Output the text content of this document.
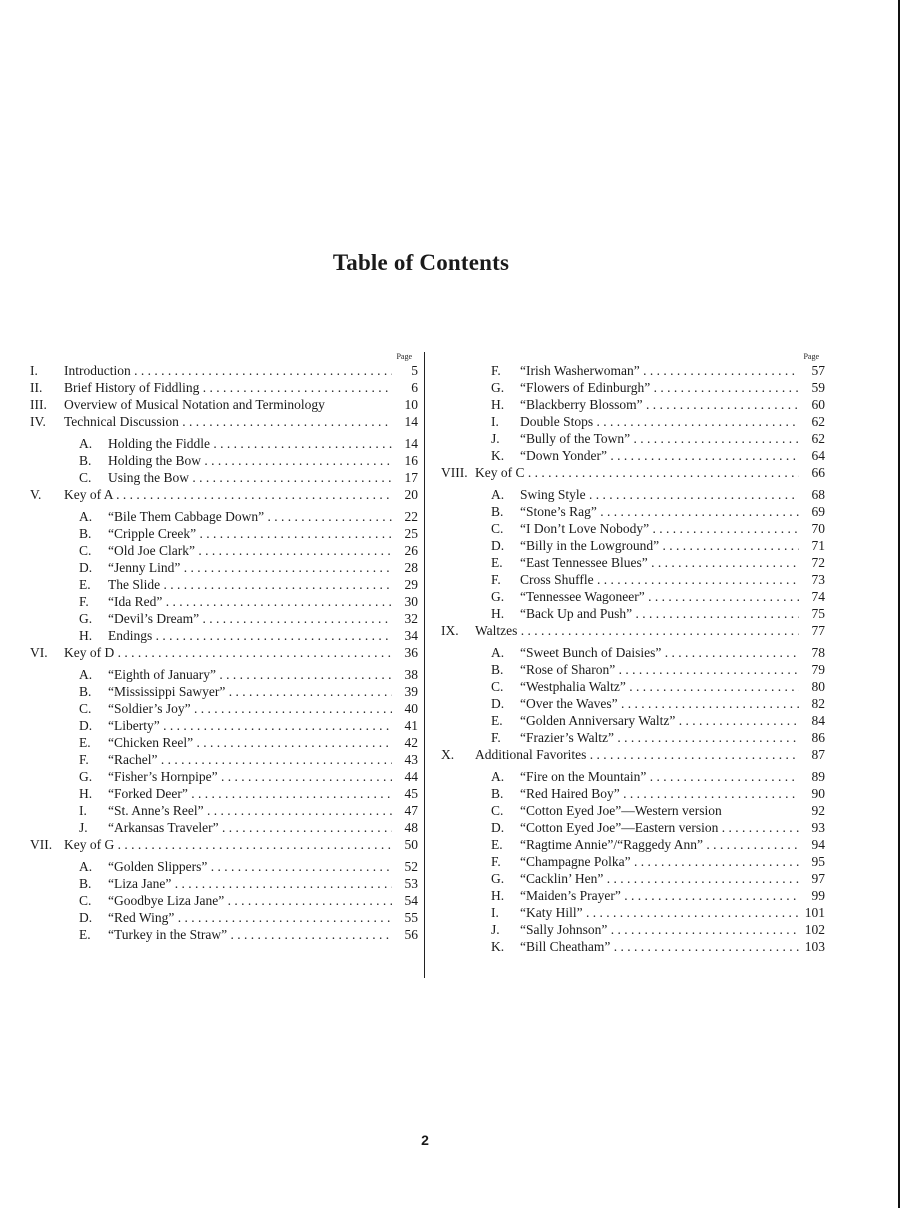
Table of Contents
Page
I. Introduction . . .	5
II. Brief History of Fiddling . . .	6
III. Overview of Musical Notation and Terminology	10
IV. Technical Discussion . . .	14
A. Holding the Fiddle . . .	14
B. Holding the Bow . . .	16
C. Using the Bow . . .	17
V. Key of A . . .	20
A. “Bile Them Cabbage Down” . . .	22
B. “Cripple Creek” . . .	25
C. “Old Joe Clark” . . .	26
D. “Jenny Lind” . . .	28
E. The Slide . . .	29
F. “Ida Red” . . .	30
G. “Devil’s Dream” . . .	32
H. Endings . . .	34
VI. Key of D . . .	36
A. “Eighth of January” . . .	38
B. “Mississippi Sawyer” . . .	39
C. “Soldier’s Joy” . . .	40
D. “Liberty” . . .	41
E. “Chicken Reel” . . .	42
F. “Rachel” . . .	43
G. “Fisher’s Hornpipe” . . .	44
H. “Forked Deer” . . .	45
I. “St. Anne’s Reel” . . .	47
J. “Arkansas Traveler” . . .	48
VII. Key of G . . .	50
A. “Golden Slippers” . . .	52
B. “Liza Jane” . . .	53
C. “Goodbye Liza Jane” . . .	54
D. “Red Wing” . . .	55
E. “Turkey in the Straw” . . .	56
Page
F. “Irish Washerwoman” . . .	57
G. “Flowers of Edinburgh” . . .	59
H. “Blackberry Blossom” . . .	60
I. Double Stops . . .	62
J. “Bully of the Town” . . .	62
K. “Down Yonder” . . .	64
VIII. Key of C . . .	66
A. Swing Style . . .	68
B. “Stone’s Rag” . . .	69
C. “I Don’t Love Nobody” . . .	70
D. “Billy in the Lowground” . . .	71
E. “East Tennessee Blues” . . .	72
F. Cross Shuffle . . .	73
G. “Tennessee Wagoneer” . . .	74
H. “Back Up and Push” . . .	75
IX. Waltzes . . .	77
A. “Sweet Bunch of Daisies” . . .	78
B. “Rose of Sharon” . . .	79
C. “Westphalia Waltz” . . .	80
D. “Over the Waves” . . .	82
E. “Golden Anniversary Waltz” . . .	84
F. “Frazier’s Waltz” . . .	86
X. Additional Favorites . . .	87
A. “Fire on the Mountain” . . .	89
B. “Red Haired Boy” . . .	90
C. “Cotton Eyed Joe”—Western version	92
D. “Cotton Eyed Joe”—Eastern version . . .	93
E. “Ragtime Annie”/“Raggedy Ann” . . .	94
F. “Champagne Polka” . . .	95
G. “Cacklin’ Hen” . . .	97
H. “Maiden’s Prayer” . . .	99
I. “Katy Hill” . . .	101
J. “Sally Johnson” . . .	102
K. “Bill Cheatham” . . .	103
2
